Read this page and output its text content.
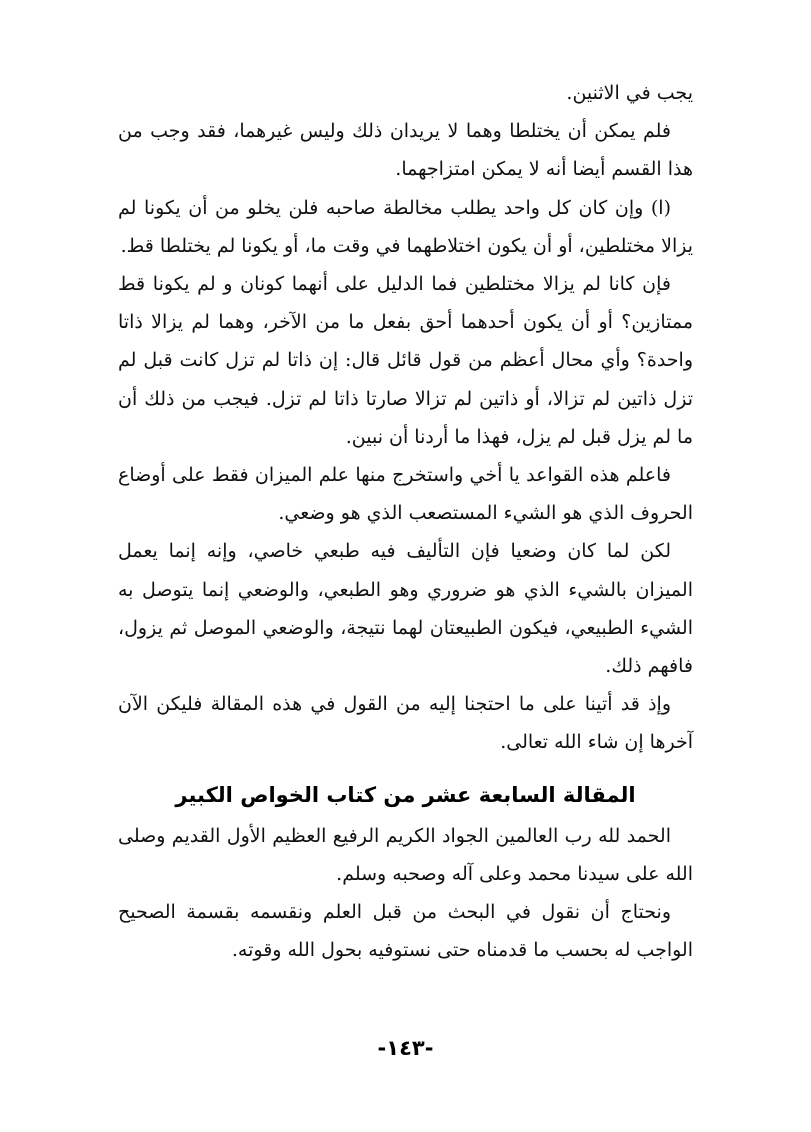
يجب في الاثنين.

فلم يمكن أن يختلطا وهما لا يريدان ذلك وليس غيرهما، فقد وجب من هذا القسم أيضا أنه لا يمكن امتزاجهما.

(ا) وإن كان كل واحد يطلب مخالطة صاحبه فلن يخلو من أن يكونا لم يزالا مختلطين، أو أن يكون اختلاطهما في وقت ما، أو يكونا لم يختلطا قط.

فإن كانا لم يزالا مختلطين فما الدليل على أنهما كونان و لم يكونا قط ممتازين؟ أو أن يكون أحدهما أحق بفعل ما من الآخر، وهما لم يزالا ذاتا واحدة؟ وأي محال أعظم من قول قائل قال: إن ذاتا لم تزل كانت قبل لم تزل ذاتين لم تزالا، أو ذاتين لم تزالا صارتا ذاتا لم تزل. فيجب من ذلك أن ما لم يزل قبل لم يزل، فهذا ما أردنا أن نبين.

فاعلم هذه القواعد يا أخي واستخرج منها علم الميزان فقط على أوضاع الحروف الذي هو الشيء المستصعب الذي هو وضعي.

لكن لما كان وضعيا فإن التأليف فيه طبعي خاصي، وإنه إنما يعمل الميزان بالشيء الذي هو ضروري وهو الطبعي، والوضعي إنما يتوصل به الشيء الطبيعي، فيكون الطبيعتان لهما نتيجة، والوضعي الموصل ثم يزول، فافهم ذلك.

وإذ قد أتينا على ما احتجنا إليه من القول في هذه المقالة فليكن الآن آخرها إن شاء الله تعالى.

المقالة السابعة عشر من كتاب الخواص الكبير

الحمد لله رب العالمين الجواد الكريم الرفيع العظيم الأول القديم وصلى الله على سيدنا محمد وعلى آله وصحبه وسلم.

ونحتاج أن نقول في البحث من قبل العلم ونقسمه بقسمة الصحيح الواجب له بحسب ما قدمناه حتى نستوفيه بحول الله وقوته.

-١٤٣-
